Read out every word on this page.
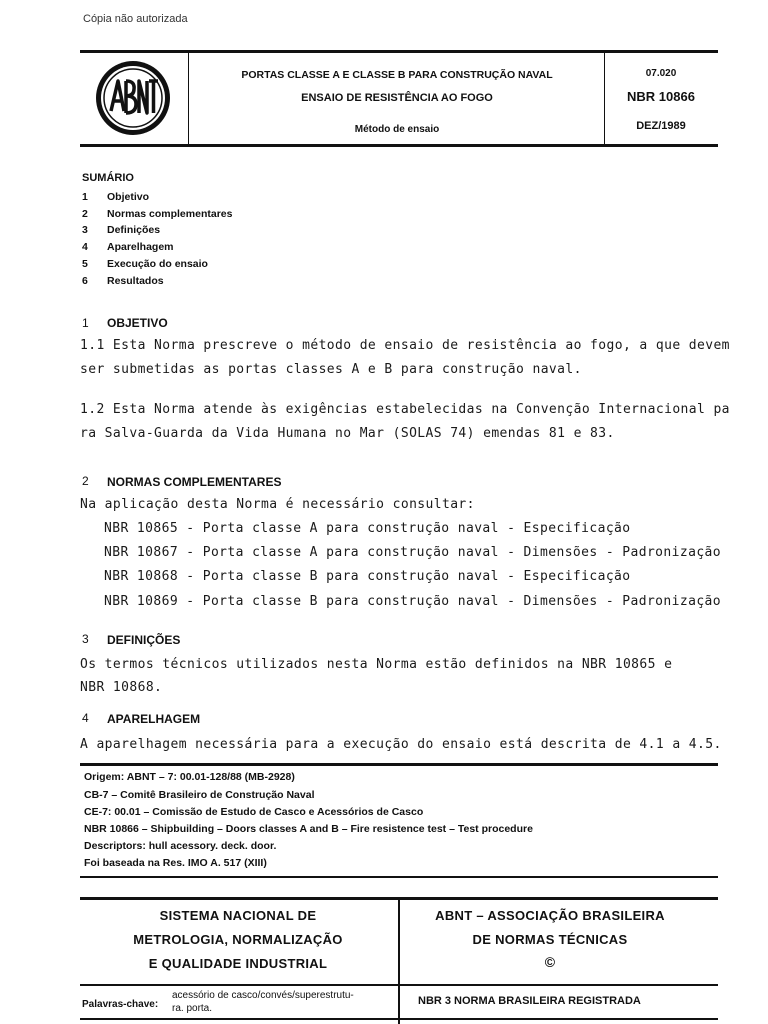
Cópia não autorizada
PORTAS CLASSE A E CLASSE B PARA CONSTRUÇÃO NAVAL
ENSAIO DE RESISTÊNCIA AO FOGO
Método de ensaio
07.020
NBR 10866
DEZ/1989
SUMÁRIO
1 Objetivo
2 Normas complementares
3 Definições
4 Aparelhagem
5 Execução do ensaio
6 Resultados
1 OBJETIVO
1.1 Esta Norma prescreve o método de ensaio de resistência ao fogo, a que devem
ser submetidas as portas classes A e B para construção naval.
1.2 Esta Norma atende às exigências estabelecidas na Convenção Internacional pa
ra Salva-Guarda da Vida Humana no Mar (SOLAS 74) emendas 81 e 83.
2 NORMAS COMPLEMENTARES
Na aplicação desta Norma é necessário consultar:
NBR 10865 - Porta classe A para construção naval - Especificação
NBR 10867 - Porta classe A para construção naval - Dimensões - Padronização
NBR 10868 - Porta classe B para construção naval - Especificação
NBR 10869 - Porta classe B para construção naval - Dimensões - Padronização
3 DEFINIÇÕES
Os termos técnicos utilizados nesta Norma estão definidos na NBR 10865 e
NBR 10868.
4 APARELHAGEM
A aparelhagem necessária para a execução do ensaio está descrita de 4.1 a 4.5.
Origem: ABNT – 7: 00.01-128/88 (MB-2928)
CB-7 – Comitê Brasileiro de Construção Naval
CE-7: 00.01 – Comissão de Estudo de Casco e Acessórios de Casco
NBR 10866 – Shipbuilding – Doors classes A and B – Fire resistence test – Test procedure
Descriptors: hull acessory. deck. door.
Foi baseada na Res. IMO A. 517 (XIII)
SISTEMA NACIONAL DE
METROLOGIA, NORMALIZAÇÃO
E QUALIDADE INDUSTRIAL
ABNT – ASSOCIAÇÃO BRASILEIRA
DE NORMAS TÉCNICAS
©
Palavras-chave:
acessório de casco/convés/superestrutu-
ra. porta.
NBR 3 NORMA BRASILEIRA REGISTRADA
